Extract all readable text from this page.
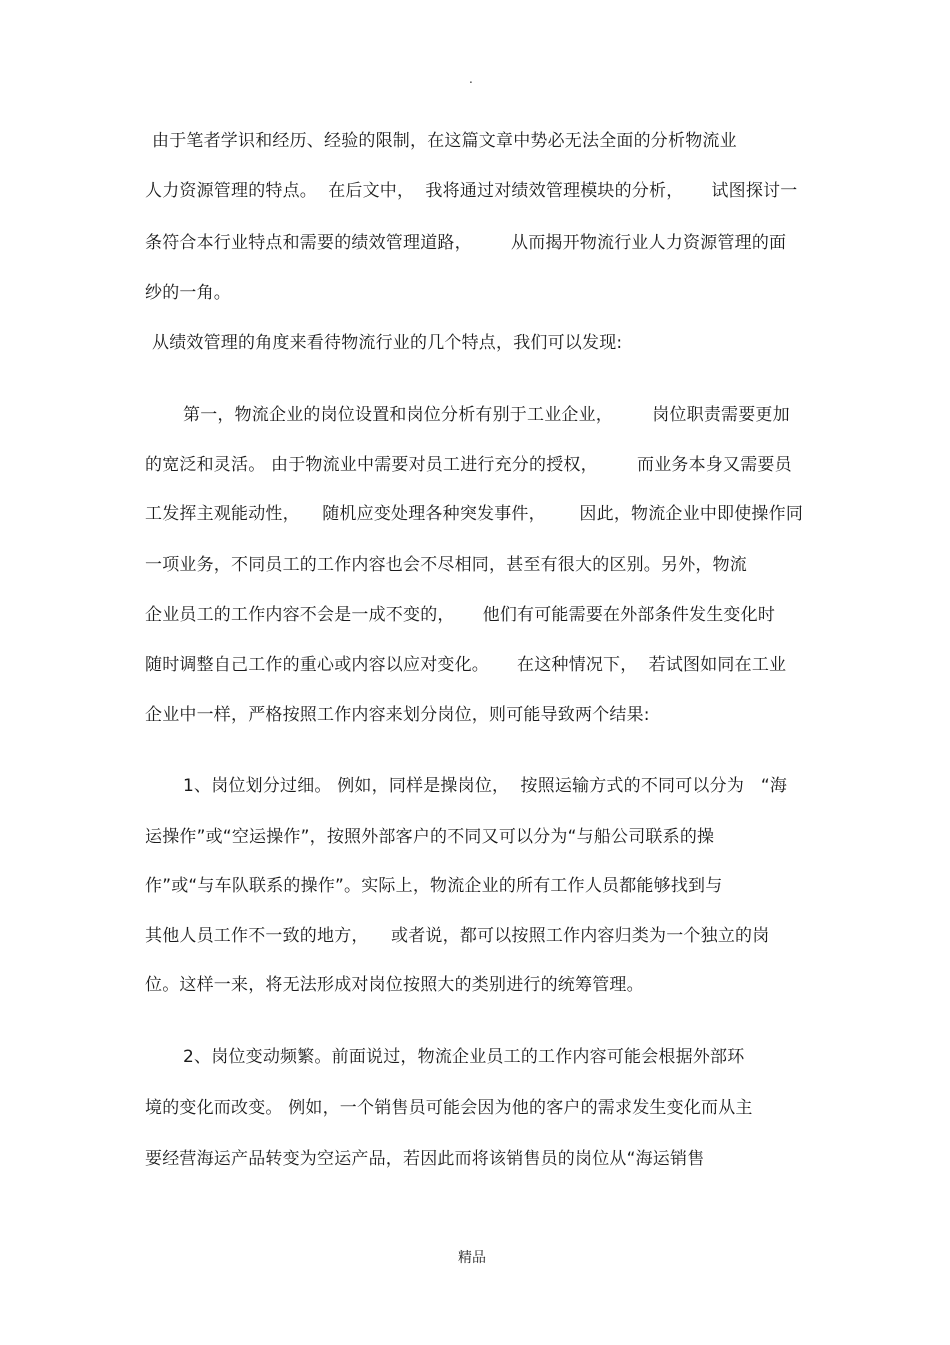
.
由于笔者学识和经历、经验的限制，在这篇文章中势必无法全面的分析物流业
人力资源管理的特点。  在后文中，  我将通过对绩效管理模块的分析，     试图探讨一
条符合本行业特点和需要的绩效管理道路，       从而揭开物流行业人力资源管理的面
纱的一角。
从绩效管理的角度来看待物流行业的几个特点，我们可以发现:
第一，物流企业的岗位设置和岗位分析有别于工业企业，       岗位职责需要更加
的宽泛和灵活。 由于物流业中需要对员工进行充分的授权，       而业务本身又需要员
工发挥主观能动性，    随机应变处理各种突发事件，      因此，物流企业中即使操作同
一项业务，不同员工的工作内容也会不尽相同，甚至有很大的区别。另外，物流
企业员工的工作内容不会是一成不变的，     他们有可能需要在外部条件发生变化时
随时调整自己工作的重心或内容以应对变化。     在这种情况下，  若试图如同在工业
企业中一样，严格按照工作内容来划分岗位，则可能导致两个结果:
1、岗位划分过细。 例如，同样是操岗位，  按照运输方式的不同可以分为   “海
运操作”或“空运操作”，按照外部客户的不同又可以分为“与船公司联系的操
作”或“与车队联系的操作”。实际上，物流企业的所有工作人员都能够找到与
其他人员工作不一致的地方，    或者说，都可以按照工作内容归类为一个独立的岗
位。这样一来，将无法形成对岗位按照大的类别进行的统筹管理。
2、岗位变动频繁。前面说过，物流企业员工的工作内容可能会根据外部环
境的变化而改变。 例如，一个销售员可能会因为他的客户的需求发生变化而从主
要经营海运产品转变为空运产品，若因此而将该销售员的岗位从“海运销售
精品
